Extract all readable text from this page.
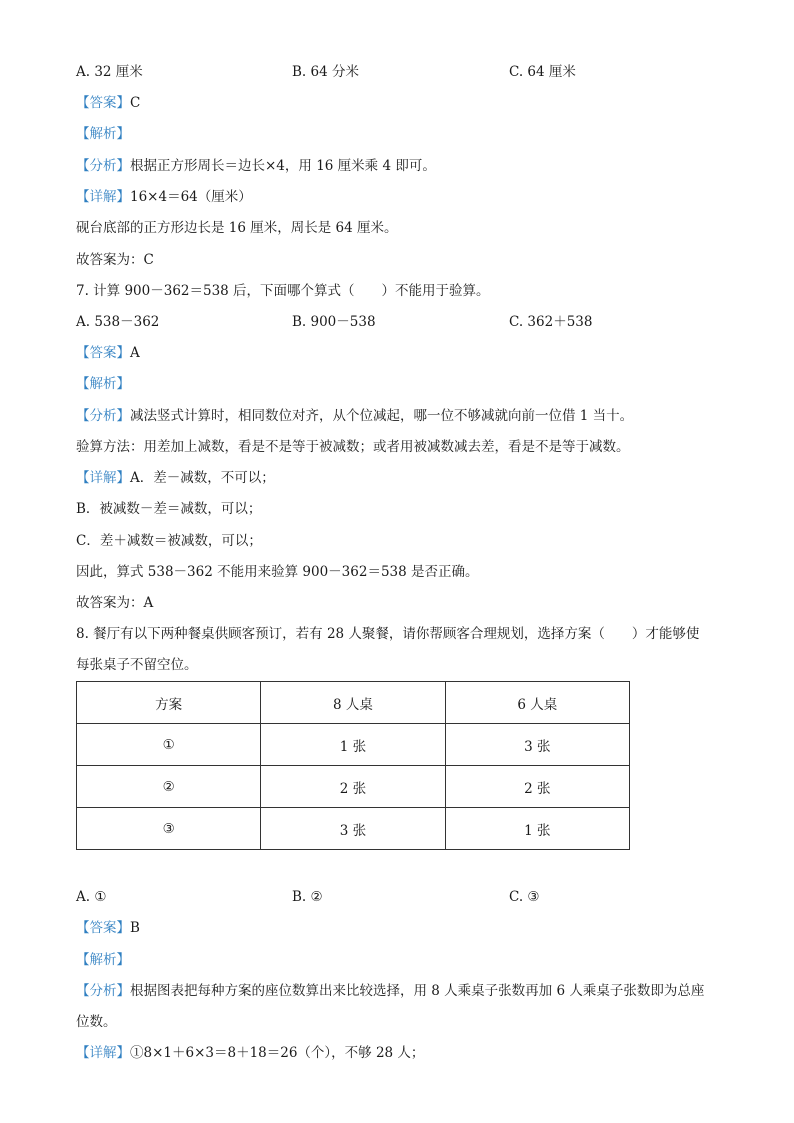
A. 32 厘米	B. 64 分米	C. 64 厘米
【答案】C
【解析】
【分析】根据正方形周长＝边长×4，用 16 厘米乘 4 即可。
【详解】16×4＝64（厘米）
砚台底部的正方形边长是 16 厘米，周长是 64 厘米。
故答案为：C
7. 计算 900－362＝538 后，下面哪个算式（　　）不能用于验算。
A. 538－362	B. 900－538	C. 362＋538
【答案】A
【解析】
【分析】减法竖式计算时，相同数位对齐，从个位减起，哪一位不够减就向前一位借 1 当十。
验算方法：用差加上减数，看是不是等于被减数；或者用被减数减去差，看是不是等于减数。
【详解】A．差－减数，不可以；
B．被减数－差＝减数，可以；
C．差＋减数＝被减数，可以；
因此，算式 538－362 不能用来验算 900－362＝538 是否正确。
故答案为：A
8. 餐厅有以下两种餐桌供顾客预订，若有 28 人聚餐，请你帮顾客合理规划，选择方案（　　）才能够使
每张桌子不留空位。
方案	8 人桌	6 人桌
①	1 张	3 张
②	2 张	2 张
③	3 张	1 张
A. ①	B. ②	C. ③
【答案】B
【解析】
【分析】根据图表把每种方案的座位数算出来比较选择，用 8 人乘桌子张数再加 6 人乘桌子张数即为总座
位数。
【详解】①8×1＋6×3＝8＋18＝26（个），不够 28 人；
